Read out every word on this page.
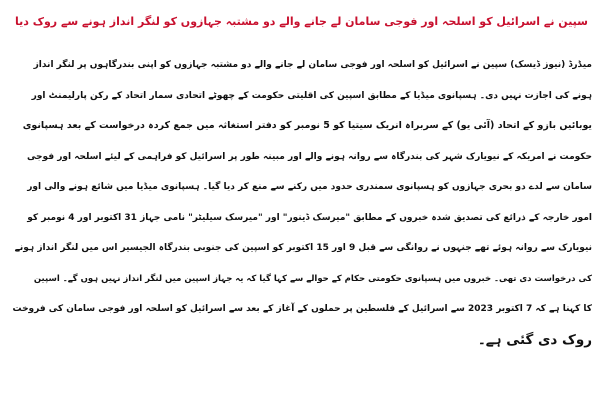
سپین نے اسرائیل کو اسلحہ اور فوجی سامان لے جانے والے دو مشتبہ جہازوں کو لنگر انداز ہونے سے روک دیا
میڈرڈ (نیوز ڈیسک) سپین نے اسرائیل کو اسلحہ اور فوجی سامان لے جانے والے دو مشتبہ جہازوں کو اپنی بندرگاہوں پر لنگر انداز
ہونے کی اجازت نہیں دی۔ ہسپانوی میڈیا کے مطابق اسپین کی اقلیتی حکومت کے چھوٹے اتحادی سمار اتحاد کے رکن پارلیمنٹ اور
یوبائیں بازو کے اتحاد (آئی یو) کے سربراہ انریک سیتیا کو 5 نومبر کو دفتر استغاثہ میں جمع کردہ درخواست کے بعد ہسپانوی
حکومت نے امریکہ کے نیویارک شہر کی بندرگاہ سے روانہ ہونے والے اور مبینہ طور پر اسرائیل کو فراہمی کے لیئے اسلحہ اور فوجی
سامان سے لدے دو بحری جہازوں کو ہسپانوی سمندری حدود میں رکنے سے منع کر دیا گیا۔ ہسپانوی میڈیا میں شائع ہونے والی اور
امور خارجہ کے ذرائع کی تصدیق شدہ خبروں کے مطابق "میرسک ڈینور" اور "میرسک سیلیٹر" نامی جہاز 31 اکتوبر اور 4 نومبر کو
نیویارک سے روانہ ہوئے تھے جنہوں نے روانگی سے قبل 9 اور 15 اکتوبر کو اسپین کی جنوبی بندرگاہ الجیسیر اس میں لنگر انداز ہونے
کی درخواست دی تھی۔ خبروں میں ہسپانوی حکومتی حکام کے حوالے سے کہا گیا کہ یہ جہاز اسپین میں لنگر انداز نہیں ہوں گے۔ اسپین
کا کہنا ہے کہ 7 اکتوبر 2023 سے اسرائیل کے فلسطین پر حملوں کے آغاز کے بعد سے اسرائیل کو اسلحہ اور فوجی سامان کی فروخت
روک دی گئی ہے۔
